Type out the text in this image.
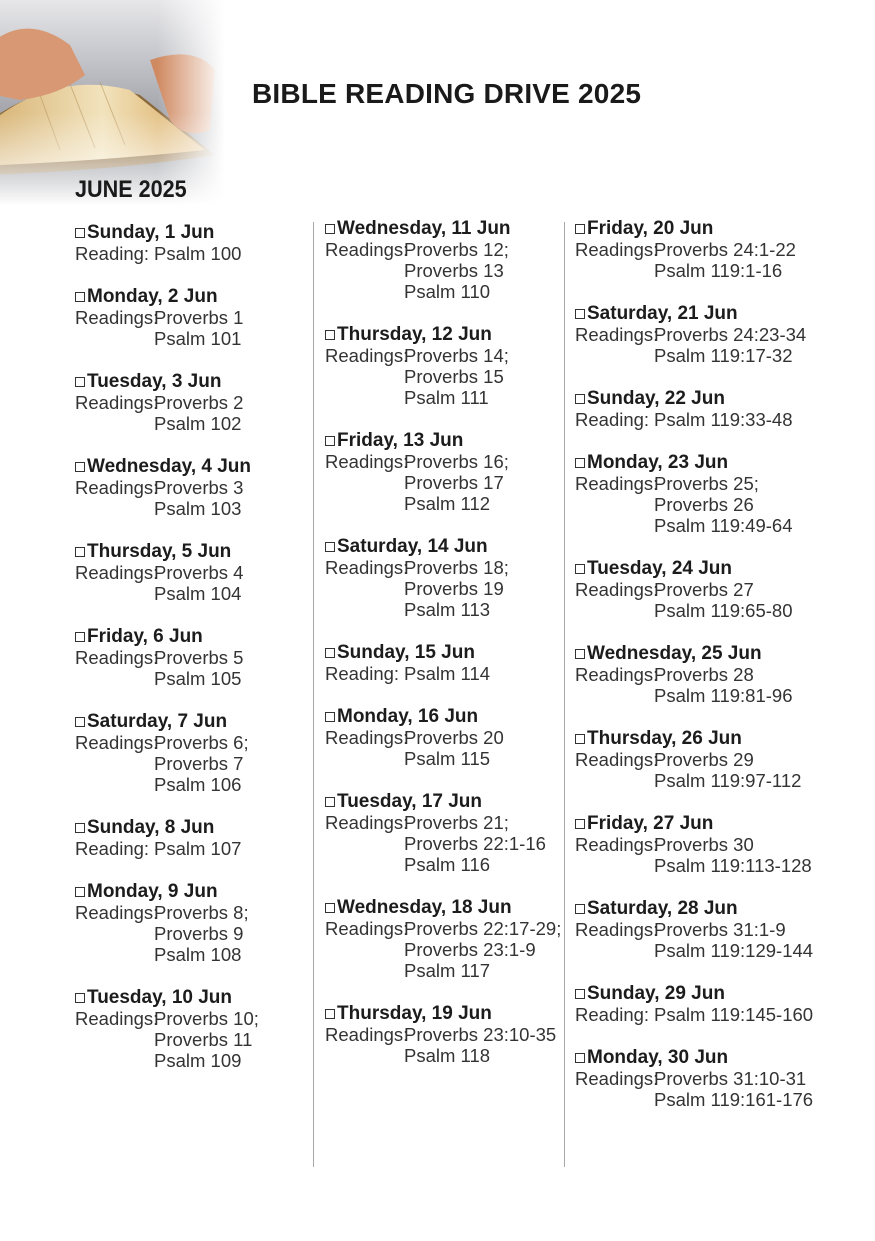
BIBLE READING DRIVE 2025
JUNE 2025
Sunday, 1 Jun
Reading: Psalm 100
Monday, 2 Jun
Readings:
Proverbs 1
Psalm 101
Tuesday, 3 Jun
Readings:
Proverbs 2
Psalm 102
Wednesday, 4 Jun
Readings:
Proverbs 3
Psalm 103
Thursday, 5 Jun
Readings:
Proverbs 4
Psalm 104
Friday, 6 Jun
Readings:
Proverbs 5
Psalm 105
Saturday, 7 Jun
Readings:
Proverbs 6;
Proverbs 7
Psalm 106
Sunday, 8 Jun
Reading: Psalm 107
Monday, 9 Jun
Readings:
Proverbs 8;
Proverbs 9
Psalm 108
Tuesday, 10 Jun
Readings:
Proverbs 10;
Proverbs 11
Psalm 109
Wednesday, 11 Jun
Readings:
Proverbs 12;
Proverbs 13
Psalm 110
Thursday, 12 Jun
Readings:
Proverbs 14;
Proverbs 15
Psalm 111
Friday, 13 Jun
Readings:
Proverbs 16;
Proverbs 17
Psalm 112
Saturday, 14 Jun
Readings:
Proverbs 18;
Proverbs 19
Psalm 113
Sunday, 15 Jun
Reading: Psalm 114
Monday, 16 Jun
Readings:
Proverbs 20
Psalm 115
Tuesday, 17 Jun
Readings:
Proverbs 21;
Proverbs 22:1-16
Psalm 116
Wednesday, 18 Jun
Readings:
Proverbs 22:17-29;
Proverbs 23:1-9
Psalm 117
Thursday, 19 Jun
Readings:
Proverbs 23:10-35
Psalm 118
Friday, 20 Jun
Readings:
Proverbs 24:1-22
Psalm 119:1-16
Saturday, 21 Jun
Readings:
Proverbs 24:23-34
Psalm 119:17-32
Sunday, 22 Jun
Reading: Psalm 119:33-48
Monday, 23 Jun
Readings:
Proverbs 25;
Proverbs 26
Psalm 119:49-64
Tuesday, 24 Jun
Readings:
Proverbs 27
Psalm 119:65-80
Wednesday, 25 Jun
Readings:
Proverbs 28
Psalm 119:81-96
Thursday, 26 Jun
Readings:
Proverbs 29
Psalm 119:97-112
Friday, 27 Jun
Readings:
Proverbs 30
Psalm 119:113-128
Saturday, 28 Jun
Readings:
Proverbs 31:1-9
Psalm 119:129-144
Sunday, 29 Jun
Reading: Psalm 119:145-160
Monday, 30 Jun
Readings:
Proverbs 31:10-31
Psalm 119:161-176
